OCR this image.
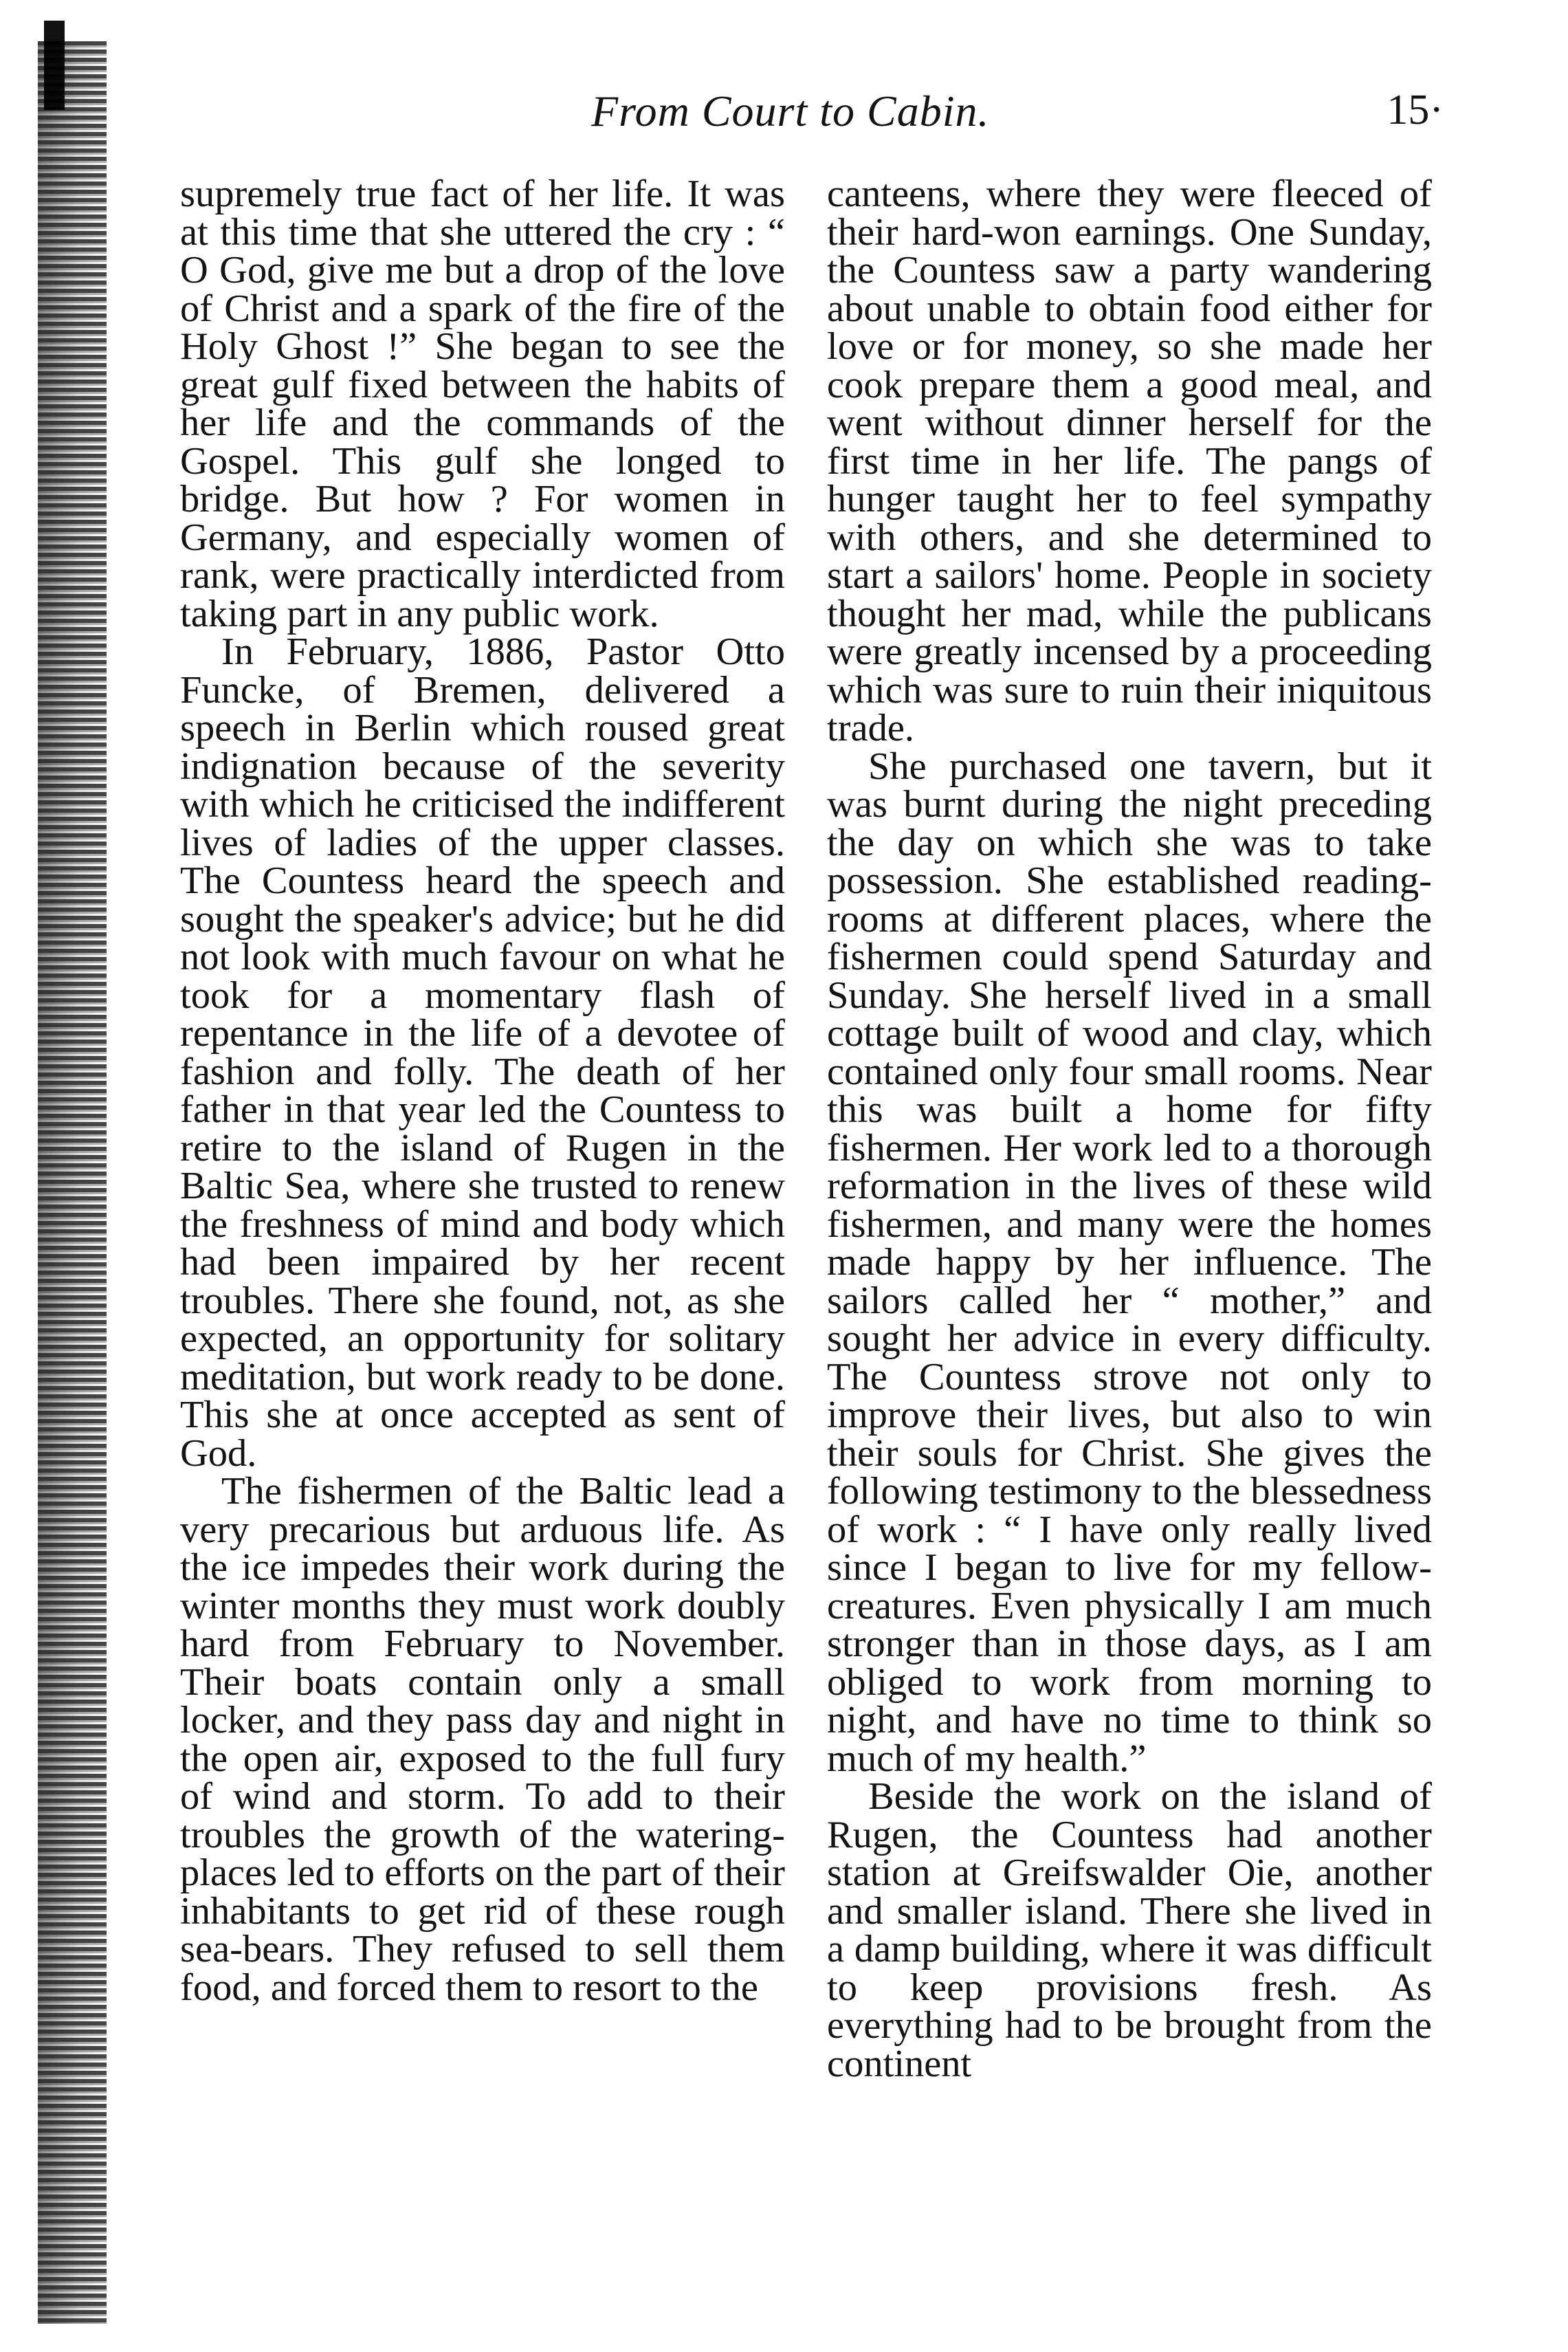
From Court to Cabin.	15·

supremely true fact of her life. It was at this time that she uttered the cry : “ O God, give me but a drop of the love of Christ and a spark of the fire of the Holy Ghost !” She began to see the great gulf fixed between the habits of her life and the commands of the Gospel. This gulf she longed to bridge. But how ? For women in Germany, and especially women of rank, were practically interdicted from taking part in any public work.

In February, 1886, Pastor Otto Funcke, of Bremen, delivered a speech in Berlin which roused great indignation because of the severity with which he criticised the indifferent lives of ladies of the upper classes. The Countess heard the speech and sought the speaker's advice; but he did not look with much favour on what he took for a momentary flash of repentance in the life of a devotee of fashion and folly. The death of her father in that year led the Countess to retire to the island of Rugen in the Baltic Sea, where she trusted to renew the freshness of mind and body which had been impaired by her recent troubles. There she found, not, as she expected, an opportunity for solitary meditation, but work ready to be done. This she at once accepted as sent of God.

The fishermen of the Baltic lead a very precarious but arduous life. As the ice impedes their work during the winter months they must work doubly hard from February to November. Their boats contain only a small locker, and they pass day and night in the open air, exposed to the full fury of wind and storm. To add to their troubles the growth of the watering-places led to efforts on the part of their inhabitants to get rid of these rough sea-bears. They refused to sell them food, and forced them to resort to the

canteens, where they were fleeced of their hard-won earnings. One Sunday, the Countess saw a party wandering about unable to obtain food either for love or for money, so she made her cook prepare them a good meal, and went without dinner herself for the first time in her life. The pangs of hunger taught her to feel sympathy with others, and she determined to start a sailors' home. People in society thought her mad, while the publicans were greatly incensed by a proceeding which was sure to ruin their iniquitous trade.

She purchased one tavern, but it was burnt during the night preceding the day on which she was to take possession. She established reading-rooms at different places, where the fishermen could spend Saturday and Sunday. She herself lived in a small cottage built of wood and clay, which contained only four small rooms. Near this was built a home for fifty fishermen. Her work led to a thorough reformation in the lives of these wild fishermen, and many were the homes made happy by her influence. The sailors called her “ mother,” and sought her advice in every difficulty. The Countess strove not only to improve their lives, but also to win their souls for Christ. She gives the following testimony to the blessedness of work : “ I have only really lived since I began to live for my fellow-creatures. Even physically I am much stronger than in those days, as I am obliged to work from morning to night, and have no time to think so much of my health.”

Beside the work on the island of Rugen, the Countess had another station at Greifswalder Oie, another and smaller island. There she lived in a damp building, where it was difficult to keep provisions fresh. As everything had to be brought from the continent
